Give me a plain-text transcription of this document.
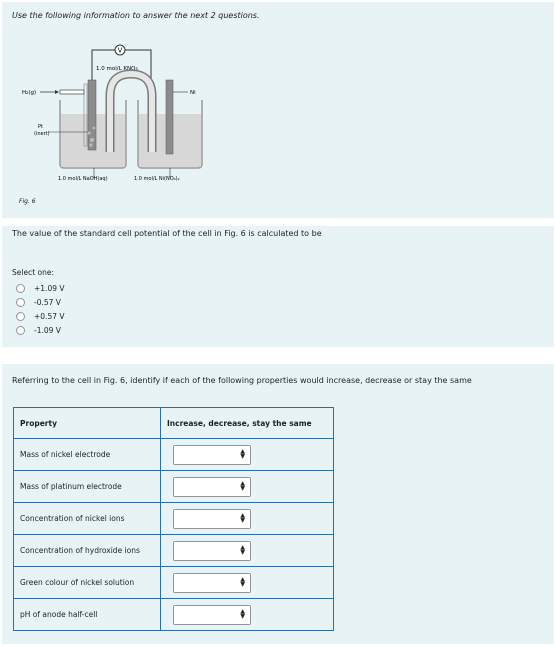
Use the following information to answer the next 2 questions.
V
1.0 mol/L KNO₃
H₂(g)
Pt
(inert)
Ni
1.0 mol/L NaOH(aq)	1.0 mol/L Ni(NO₃)₂
Fig. 6
The value of the standard cell potential of the cell in Fig. 6 is calculated to be
Select one:
+1.09 V
-0.57 V
+0.57 V
-1.09 V
Referring to the cell in Fig. 6, identify if each of the following properties would increase, decrease or stay the same
Property	Increase, decrease, stay the same
Mass of nickel electrode	▲
▼

Mass of platinum electrode	▲
▼

Concentration of nickel ions	▲
▼

Concentration of hydroxide ions	▲
▼

Green colour of nickel solution	▲
▼

pH of anode half-cell	▲
▼
